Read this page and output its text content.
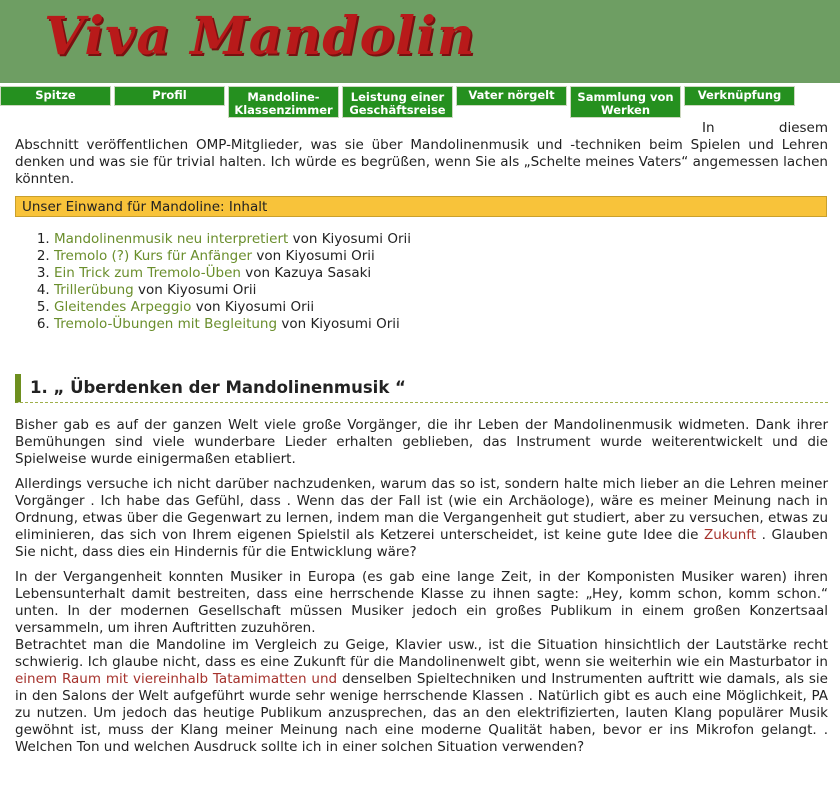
Viva Mandolin
Spitze	Profil	Mandoline-Klassenzimmer
Leistung einer Geschäftsreise
Vater nörgelt	Sammlung von Werken
Verknüpfung

In diesem
Abschnitt veröffentlichen OMP-Mitglieder, was sie über Mandolinenmusik und -techniken beim Spielen und Lehren denken und was sie für trivial halten. Ich würde es begrüßen, wenn Sie als „Schelte meines Vaters“ angemessen lachen könnten.

Unser Einwand für Mandoline: Inhalt
1. Mandolinenmusik neu interpretiert von Kiyosumi Orii
2. Tremolo (?) Kurs für Anfänger von Kiyosumi Orii
3. Ein Trick zum Tremolo-Üben von Kazuya Sasaki
4. Trillerübung von Kiyosumi Orii
5. Gleitendes Arpeggio von Kiyosumi Orii
6. Tremolo-Übungen mit Begleitung von Kiyosumi Orii
1. „ Überdenken der Mandolinenmusik “

Bisher gab es auf der ganzen Welt viele große Vorgänger, die ihr Leben der Mandolinenmusik widmeten. Dank ihrer Bemühungen sind viele wunderbare Lieder erhalten geblieben, das Instrument wurde weiterentwickelt und die Spielweise wurde einigermaßen etabliert.

Allerdings versuche ich nicht darüber nachzudenken, warum das so ist, sondern halte mich lieber an die Lehren meiner Vorgänger . Ich habe das Gefühl, dass . Wenn das der Fall ist (wie ein Archäologe), wäre es meiner Meinung nach in Ordnung, etwas über die Gegenwart zu lernen, indem man die Vergangenheit gut studiert, aber zu versuchen, etwas zu eliminieren, das sich von Ihrem eigenen Spielstil als Ketzerei unterscheidet, ist keine gute Idee die Zukunft . Glauben Sie nicht, dass dies ein Hindernis für die Entwicklung wäre?

In der Vergangenheit konnten Musiker in Europa (es gab eine lange Zeit, in der Komponisten Musiker waren) ihren Lebensunterhalt damit bestreiten, dass eine herrschende Klasse zu ihnen sagte: „Hey, komm schon, komm schon.“ unten. In der modernen Gesellschaft müssen Musiker jedoch ein großes Publikum in einem großen Konzertsaal versammeln, um ihren Auftritten zuzuhören.

Betrachtet man die Mandoline im Vergleich zu Geige, Klavier usw., ist die Situation hinsichtlich der Lautstärke recht schwierig. Ich glaube nicht, dass es eine Zukunft für die Mandolinenwelt gibt, wenn sie weiterhin wie ein Masturbator in einem Raum mit viereinhalb Tatamimatten und denselben Spieltechniken und Instrumenten auftritt wie damals, als sie in den Salons der Welt aufgeführt wurde sehr wenige herrschende Klassen . Natürlich gibt es auch eine Möglichkeit, PA zu nutzen. Um jedoch das heutige Publikum anzusprechen, das an den elektrifizierten, lauten Klang populärer Musik gewöhnt ist, muss der Klang meiner Meinung nach eine moderne Qualität haben, bevor er ins Mikrofon gelangt. . Welchen Ton und welchen Ausdruck sollte ich in einer solchen Situation verwenden?
